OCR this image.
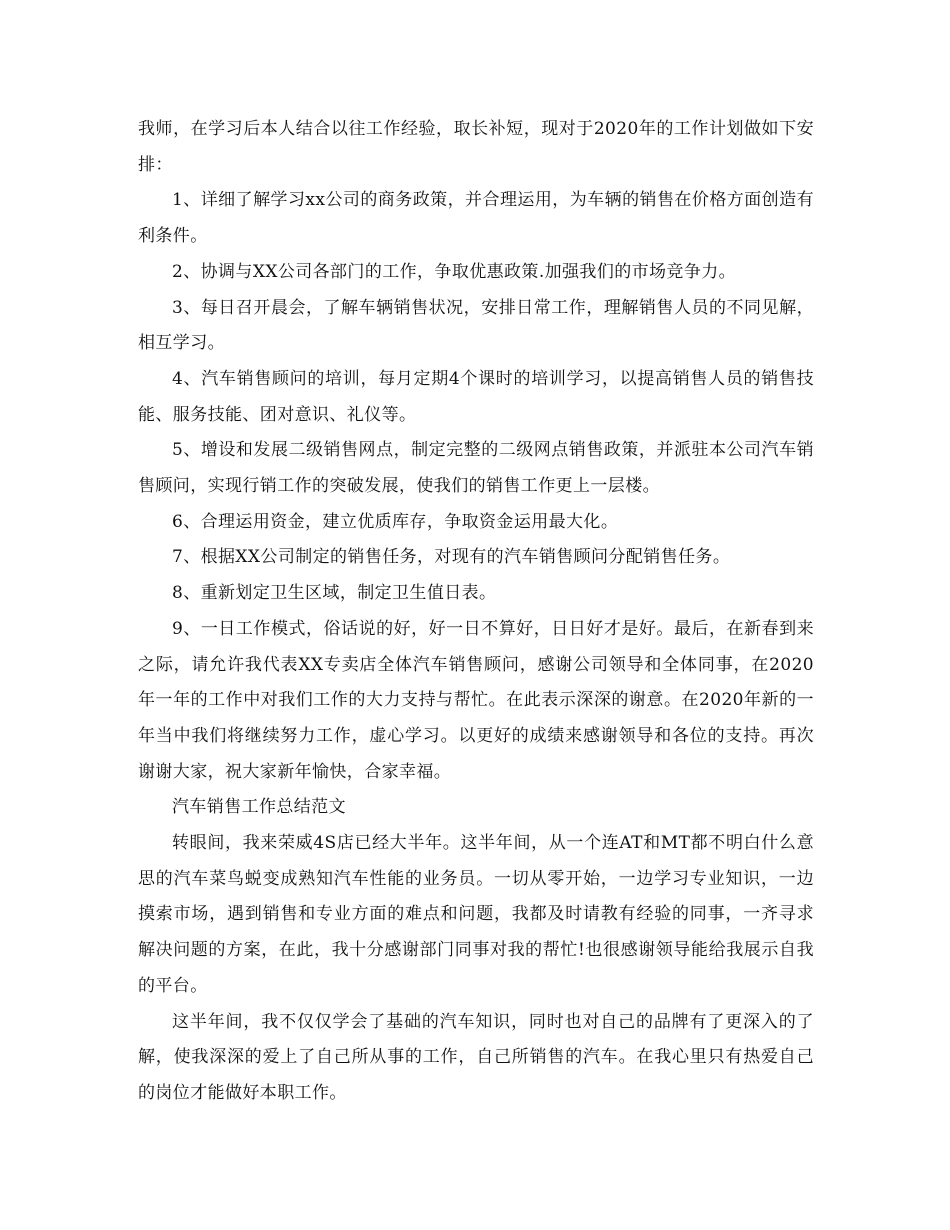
我师，在学习后本人结合以往工作经验，取长补短，现对于2020年的工作计划做如下安排：

1、详细了解学习xx公司的商务政策，并合理运用，为车辆的销售在价格方面创造有利条件。

2、协调与XX公司各部门的工作，争取优惠政策.加强我们的市场竞争力。

3、每日召开晨会，了解车辆销售状况，安排日常工作，理解销售人员的不同见解，相互学习。

4、汽车销售顾问的培训，每月定期4个课时的培训学习，以提高销售人员的销售技能、服务技能、团对意识、礼仪等。

5、增设和发展二级销售网点，制定完整的二级网点销售政策，并派驻本公司汽车销售顾问，实现行销工作的突破发展，使我们的销售工作更上一层楼。

6、合理运用资金，建立优质库存，争取资金运用最大化。

7、根据XX公司制定的销售任务，对现有的汽车销售顾问分配销售任务。

8、重新划定卫生区域，制定卫生值日表。

9、一日工作模式，俗话说的好，好一日不算好，日日好才是好。最后，在新春到来之际，请允许我代表XX专卖店全体汽车销售顾问，感谢公司领导和全体同事，在2020年一年的工作中对我们工作的大力支持与帮忙。在此表示深深的谢意。在2020年新的一年当中我们将继续努力工作，虚心学习。以更好的成绩来感谢领导和各位的支持。再次谢谢大家，祝大家新年愉快，合家幸福。

汽车销售工作总结范文

转眼间，我来荣威4S店已经大半年。这半年间，从一个连AT和MT都不明白什么意思的汽车菜鸟蜕变成熟知汽车性能的业务员。一切从零开始，一边学习专业知识，一边摸索市场，遇到销售和专业方面的难点和问题，我都及时请教有经验的同事，一齐寻求解决问题的方案，在此，我十分感谢部门同事对我的帮忙!也很感谢领导能给我展示自我的平台。

这半年间，我不仅仅学会了基础的汽车知识，同时也对自己的品牌有了更深入的了解，使我深深的爱上了自己所从事的工作，自己所销售的汽车。在我心里只有热爱自己的岗位才能做好本职工作。
